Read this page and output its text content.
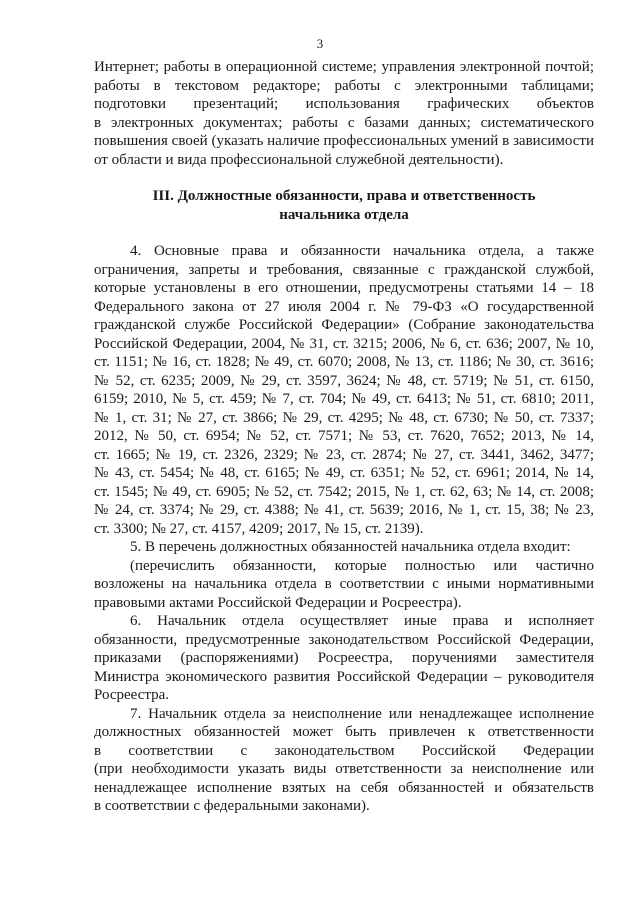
3
Интернет; работы в операционной системе; управления электронной почтой;
работы в текстовом редакторе; работы с электронными таблицами;
подготовки презентаций; использования графических объектов
в электронных документах; работы с базами данных; систематического
повышения своей (указать наличие профессиональных умений в зависимости
от области и вида профессиональной служебной деятельности).
III. Должностные обязанности, права и ответственность
начальника отдела
4. Основные права и обязанности начальника отдела, а также
ограничения, запреты и требования, связанные с гражданской службой,
которые установлены в его отношении, предусмотрены статьями 14 – 18
Федерального закона от 27 июля 2004 г. № 79-ФЗ «О государственной
гражданской службе Российской Федерации» (Собрание законодательства
Российской Федерации, 2004, № 31, ст. 3215; 2006, № 6, ст. 636; 2007, № 10,
ст. 1151; № 16, ст. 1828; № 49, ст. 6070; 2008, № 13, ст. 1186; № 30, ст. 3616;
№ 52, ст. 6235; 2009, № 29, ст. 3597, 3624; № 48, ст. 5719; № 51, ст. 6150,
6159; 2010, № 5, ст. 459; № 7, ст. 704; № 49, ст. 6413; № 51, ст. 6810; 2011,
№ 1, ст. 31; № 27, ст. 3866; № 29, ст. 4295; № 48, ст. 6730; № 50, ст. 7337;
2012, № 50, ст. 6954; № 52, ст. 7571; № 53, ст. 7620, 7652; 2013, № 14,
ст. 1665; № 19, ст. 2326, 2329; № 23, ст. 2874; № 27, ст. 3441, 3462, 3477;
№ 43, ст. 5454; № 48, ст. 6165; № 49, ст. 6351; № 52, ст. 6961; 2014, № 14,
ст. 1545; № 49, ст. 6905; № 52, ст. 7542; 2015, № 1, ст. 62, 63; № 14, ст. 2008;
№ 24, ст. 3374; № 29, ст. 4388; № 41, ст. 5639; 2016, № 1, ст. 15, 38; № 23,
ст. 3300; № 27, ст. 4157, 4209; 2017, № 15, ст. 2139).
5. В перечень должностных обязанностей начальника отдела входит:
(перечислить обязанности, которые полностью или частично
возложены на начальника отдела в соответствии с иными нормативными
правовыми актами Российской Федерации и Росреестра).
6. Начальник отдела осуществляет иные права и исполняет
обязанности, предусмотренные законодательством Российской Федерации,
приказами (распоряжениями) Росреестра, поручениями заместителя
Министра экономического развития Российской Федерации – руководителя
Росреестра.
7. Начальник отдела за неисполнение или ненадлежащее исполнение
должностных обязанностей может быть привлечен к ответственности
в соответствии с законодательством Российской Федерации
(при необходимости указать виды ответственности за неисполнение или
ненадлежащее исполнение взятых на себя обязанностей и обязательств
в соответствии с федеральными законами).
